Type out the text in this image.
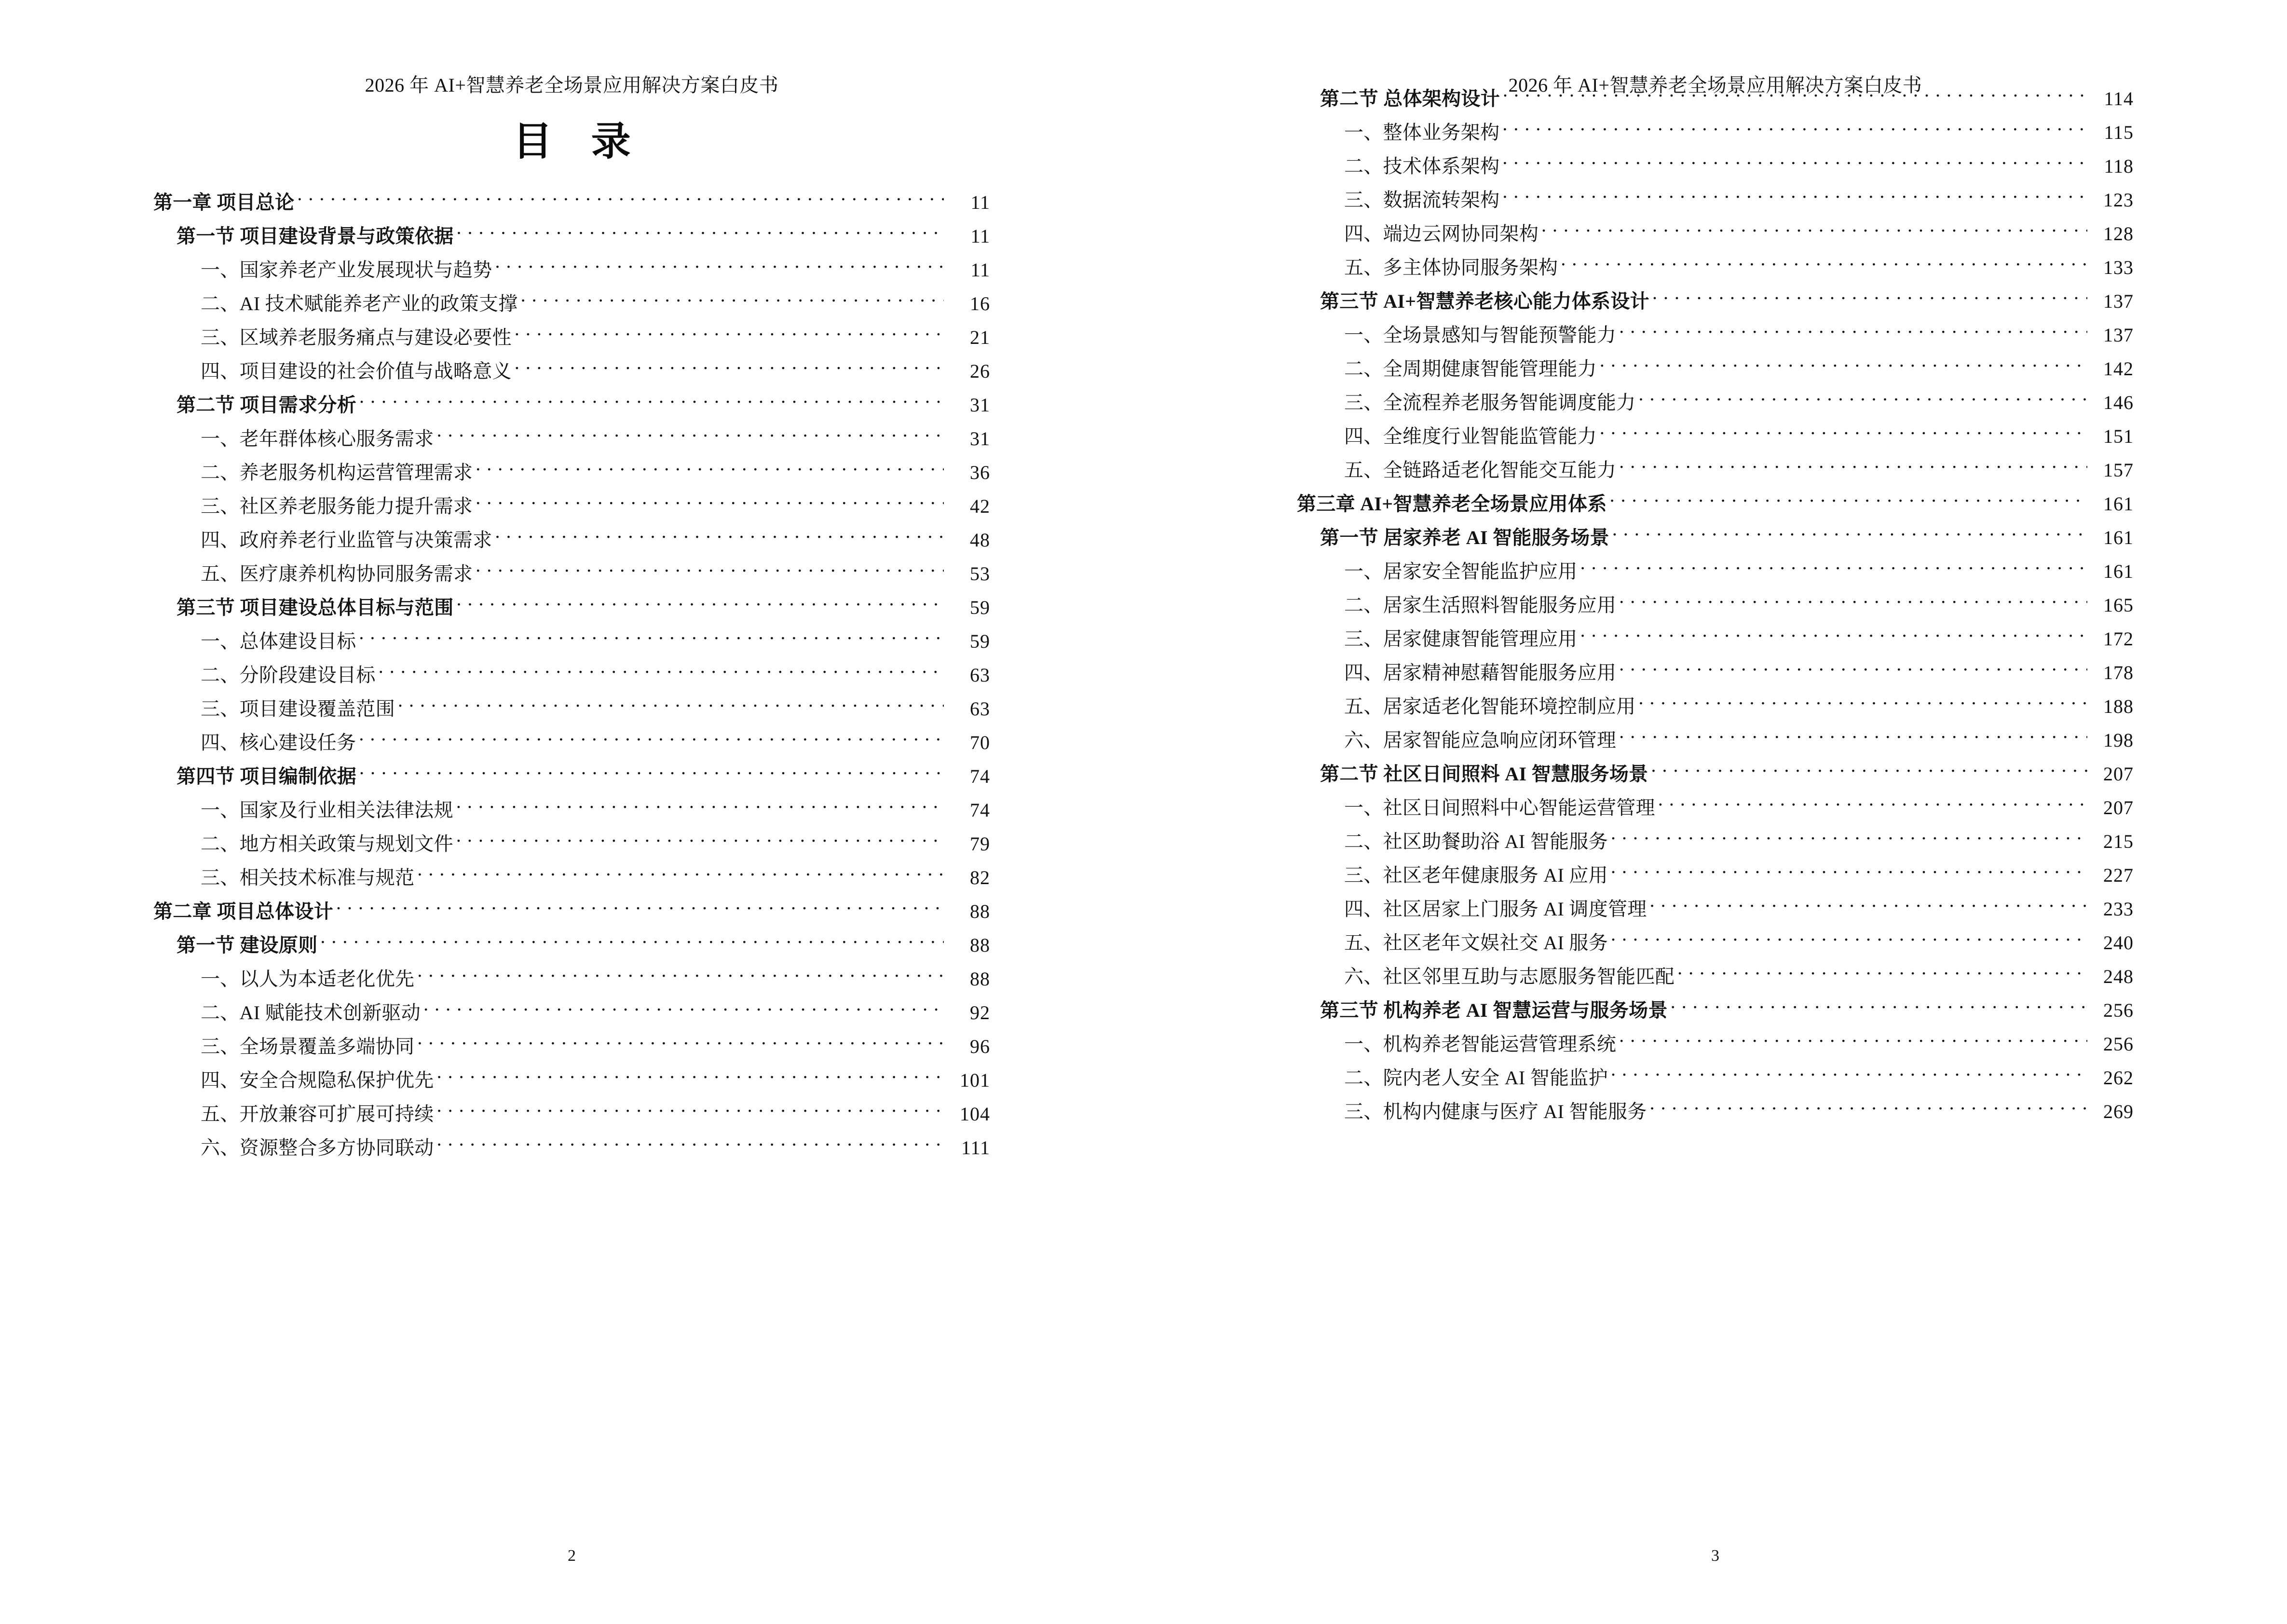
2026 年 AI+智慧养老全场景应用解决方案白皮书
目 录
第一章 项目总论 . . .	11
第一节 项目建设背景与政策依据 . . .	11
一、国家养老产业发展现状与趋势 . . .	11
二、AI 技术赋能养老产业的政策支撑 . . .	16
三、区域养老服务痛点与建设必要性 . . .	21
四、项目建设的社会价值与战略意义 . . .	26
第二节 项目需求分析 . . .	31
一、老年群体核心服务需求 . . .	31
二、养老服务机构运营管理需求 . . .	36
三、社区养老服务能力提升需求 . . .	42
四、政府养老行业监管与决策需求 . . .	48
五、医疗康养机构协同服务需求 . . .	53
第三节 项目建设总体目标与范围 . . .	59
一、总体建设目标 . . .	59
二、分阶段建设目标 . . .	63
三、项目建设覆盖范围 . . .	63
四、核心建设任务 . . .	70
第四节 项目编制依据 . . .	74
一、国家及行业相关法律法规 . . .	74
二、地方相关政策与规划文件 . . .	79
三、相关技术标准与规范 . . .	82
第二章 项目总体设计 . . .	88
第一节 建设原则 . . .	88
一、以人为本适老化优先 . . .	88
二、AI 赋能技术创新驱动 . . .	92
三、全场景覆盖多端协同 . . .	96
四、安全合规隐私保护优先 . . .	101
五、开放兼容可扩展可持续 . . .	104
六、资源整合多方协同联动 . . .	111
2
2026 年 AI+智慧养老全场景应用解决方案白皮书
第二节 总体架构设计 . . .	114
一、整体业务架构 . . .	115
二、技术体系架构 . . .	118
三、数据流转架构 . . .	123
四、端边云网协同架构 . . .	128
五、多主体协同服务架构 . . .	133
第三节 AI+智慧养老核心能力体系设计 . . .	137
一、全场景感知与智能预警能力 . . .	137
二、全周期健康智能管理能力 . . .	142
三、全流程养老服务智能调度能力 . . .	146
四、全维度行业智能监管能力 . . .	151
五、全链路适老化智能交互能力 . . .	157
第三章 AI+智慧养老全场景应用体系 . . .	161
第一节 居家养老 AI 智能服务场景 . . .	161
一、居家安全智能监护应用 . . .	161
二、居家生活照料智能服务应用 . . .	165
三、居家健康智能管理应用 . . .	172
四、居家精神慰藉智能服务应用 . . .	178
五、居家适老化智能环境控制应用 . . .	188
六、居家智能应急响应闭环管理 . . .	198
第二节 社区日间照料 AI 智慧服务场景 . . .	207
一、社区日间照料中心智能运营管理 . . .	207
二、社区助餐助浴 AI 智能服务 . . .	215
三、社区老年健康服务 AI 应用 . . .	227
四、社区居家上门服务 AI 调度管理 . . .	233
五、社区老年文娱社交 AI 服务 . . .	240
六、社区邻里互助与志愿服务智能匹配 . . .	248
第三节 机构养老 AI 智慧运营与服务场景 . . .	256
一、机构养老智能运营管理系统 . . .	256
二、院内老人安全 AI 智能监护 . . .	262
三、机构内健康与医疗 AI 智能服务 . . .	269
3
